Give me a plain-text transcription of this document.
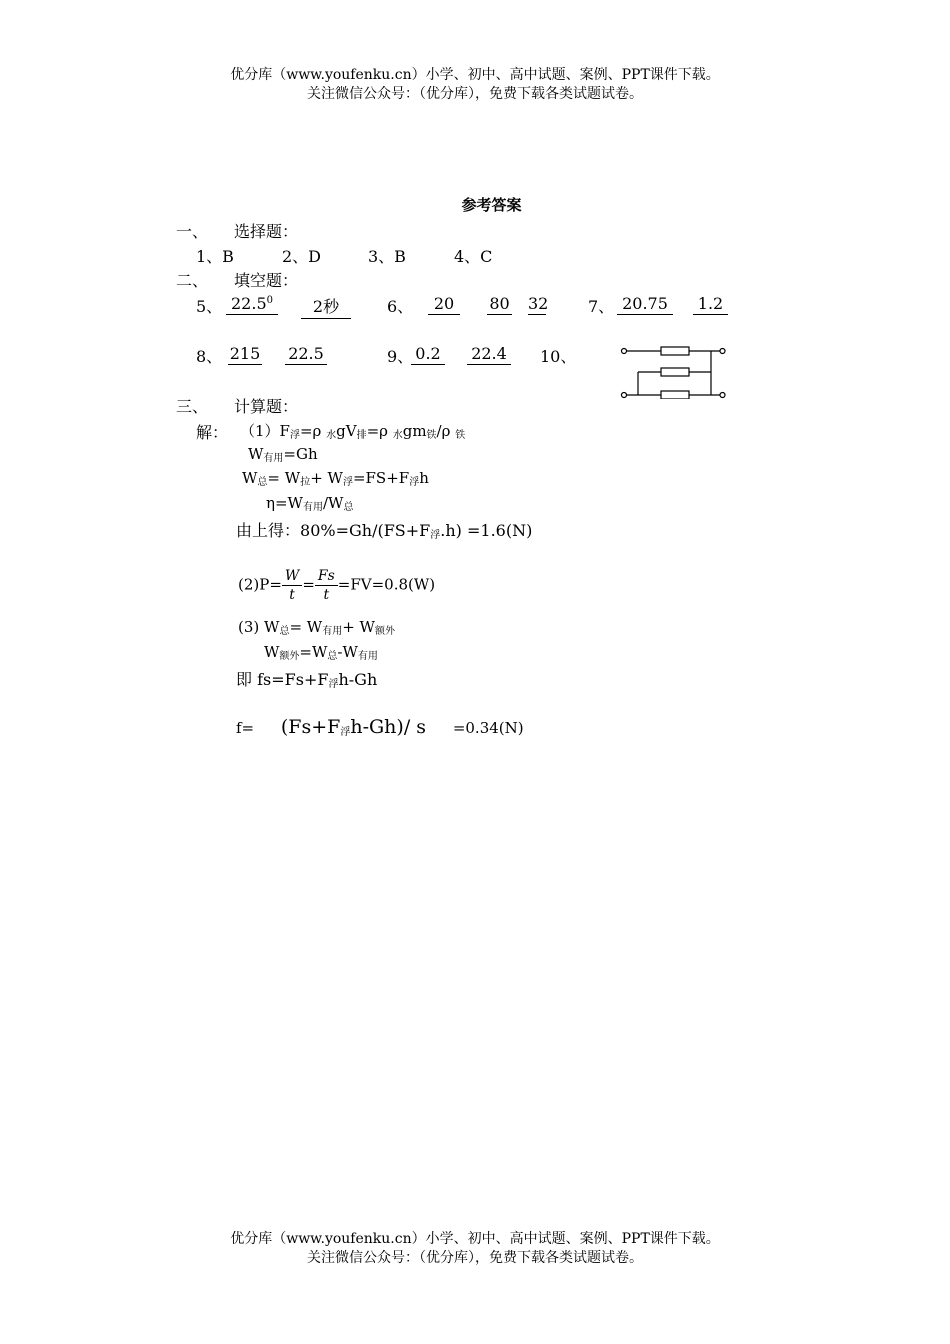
优分库（www.youfenku.cn）小学、初中、高中试题、案例、PPT课件下载。
关注微信公众号：（优分库），免费下载各类试题试卷。
参考答案
一、 选择题：
1、B	2、D	3、B	4、C
二、 填空题：
5、 22.5$^0$	2秒	6、	20	80 32 7、 20.75	1.2
8、 215 22.5	9、 0.2 22.4 10、
三、 计算题：
解： $(1)F_浮=\rho$ $_水gV_排=\rho$ $_水gm_铁/\rho$ $_铁$
$W_{有用}=Gh$
$W_总= W_拉+ W_浮=FS+F_浮h$
$\eta=W_{有用}/W_总$
由上得：$80\%=Gh/(FS+F_浮.h) =1.6(N)$
$(2)P= \frac{W}{t} = \frac{Fs}{t} =FV=0.8(W)$
(3) $W_总= W_{有用}+ W_{额外}$
$W_{额外}=W_总-W_{有用}$
即 $fs=Fs+F_浮h-Gh$
$f= (Fs+F_浮h-Gh)/$ s =0.34(N)
优分库（www.youfenku.cn）小学、初中、高中试题、案例、PPT课件下载。
关注微信公众号：（优分库），免费下载各类试题试卷。
